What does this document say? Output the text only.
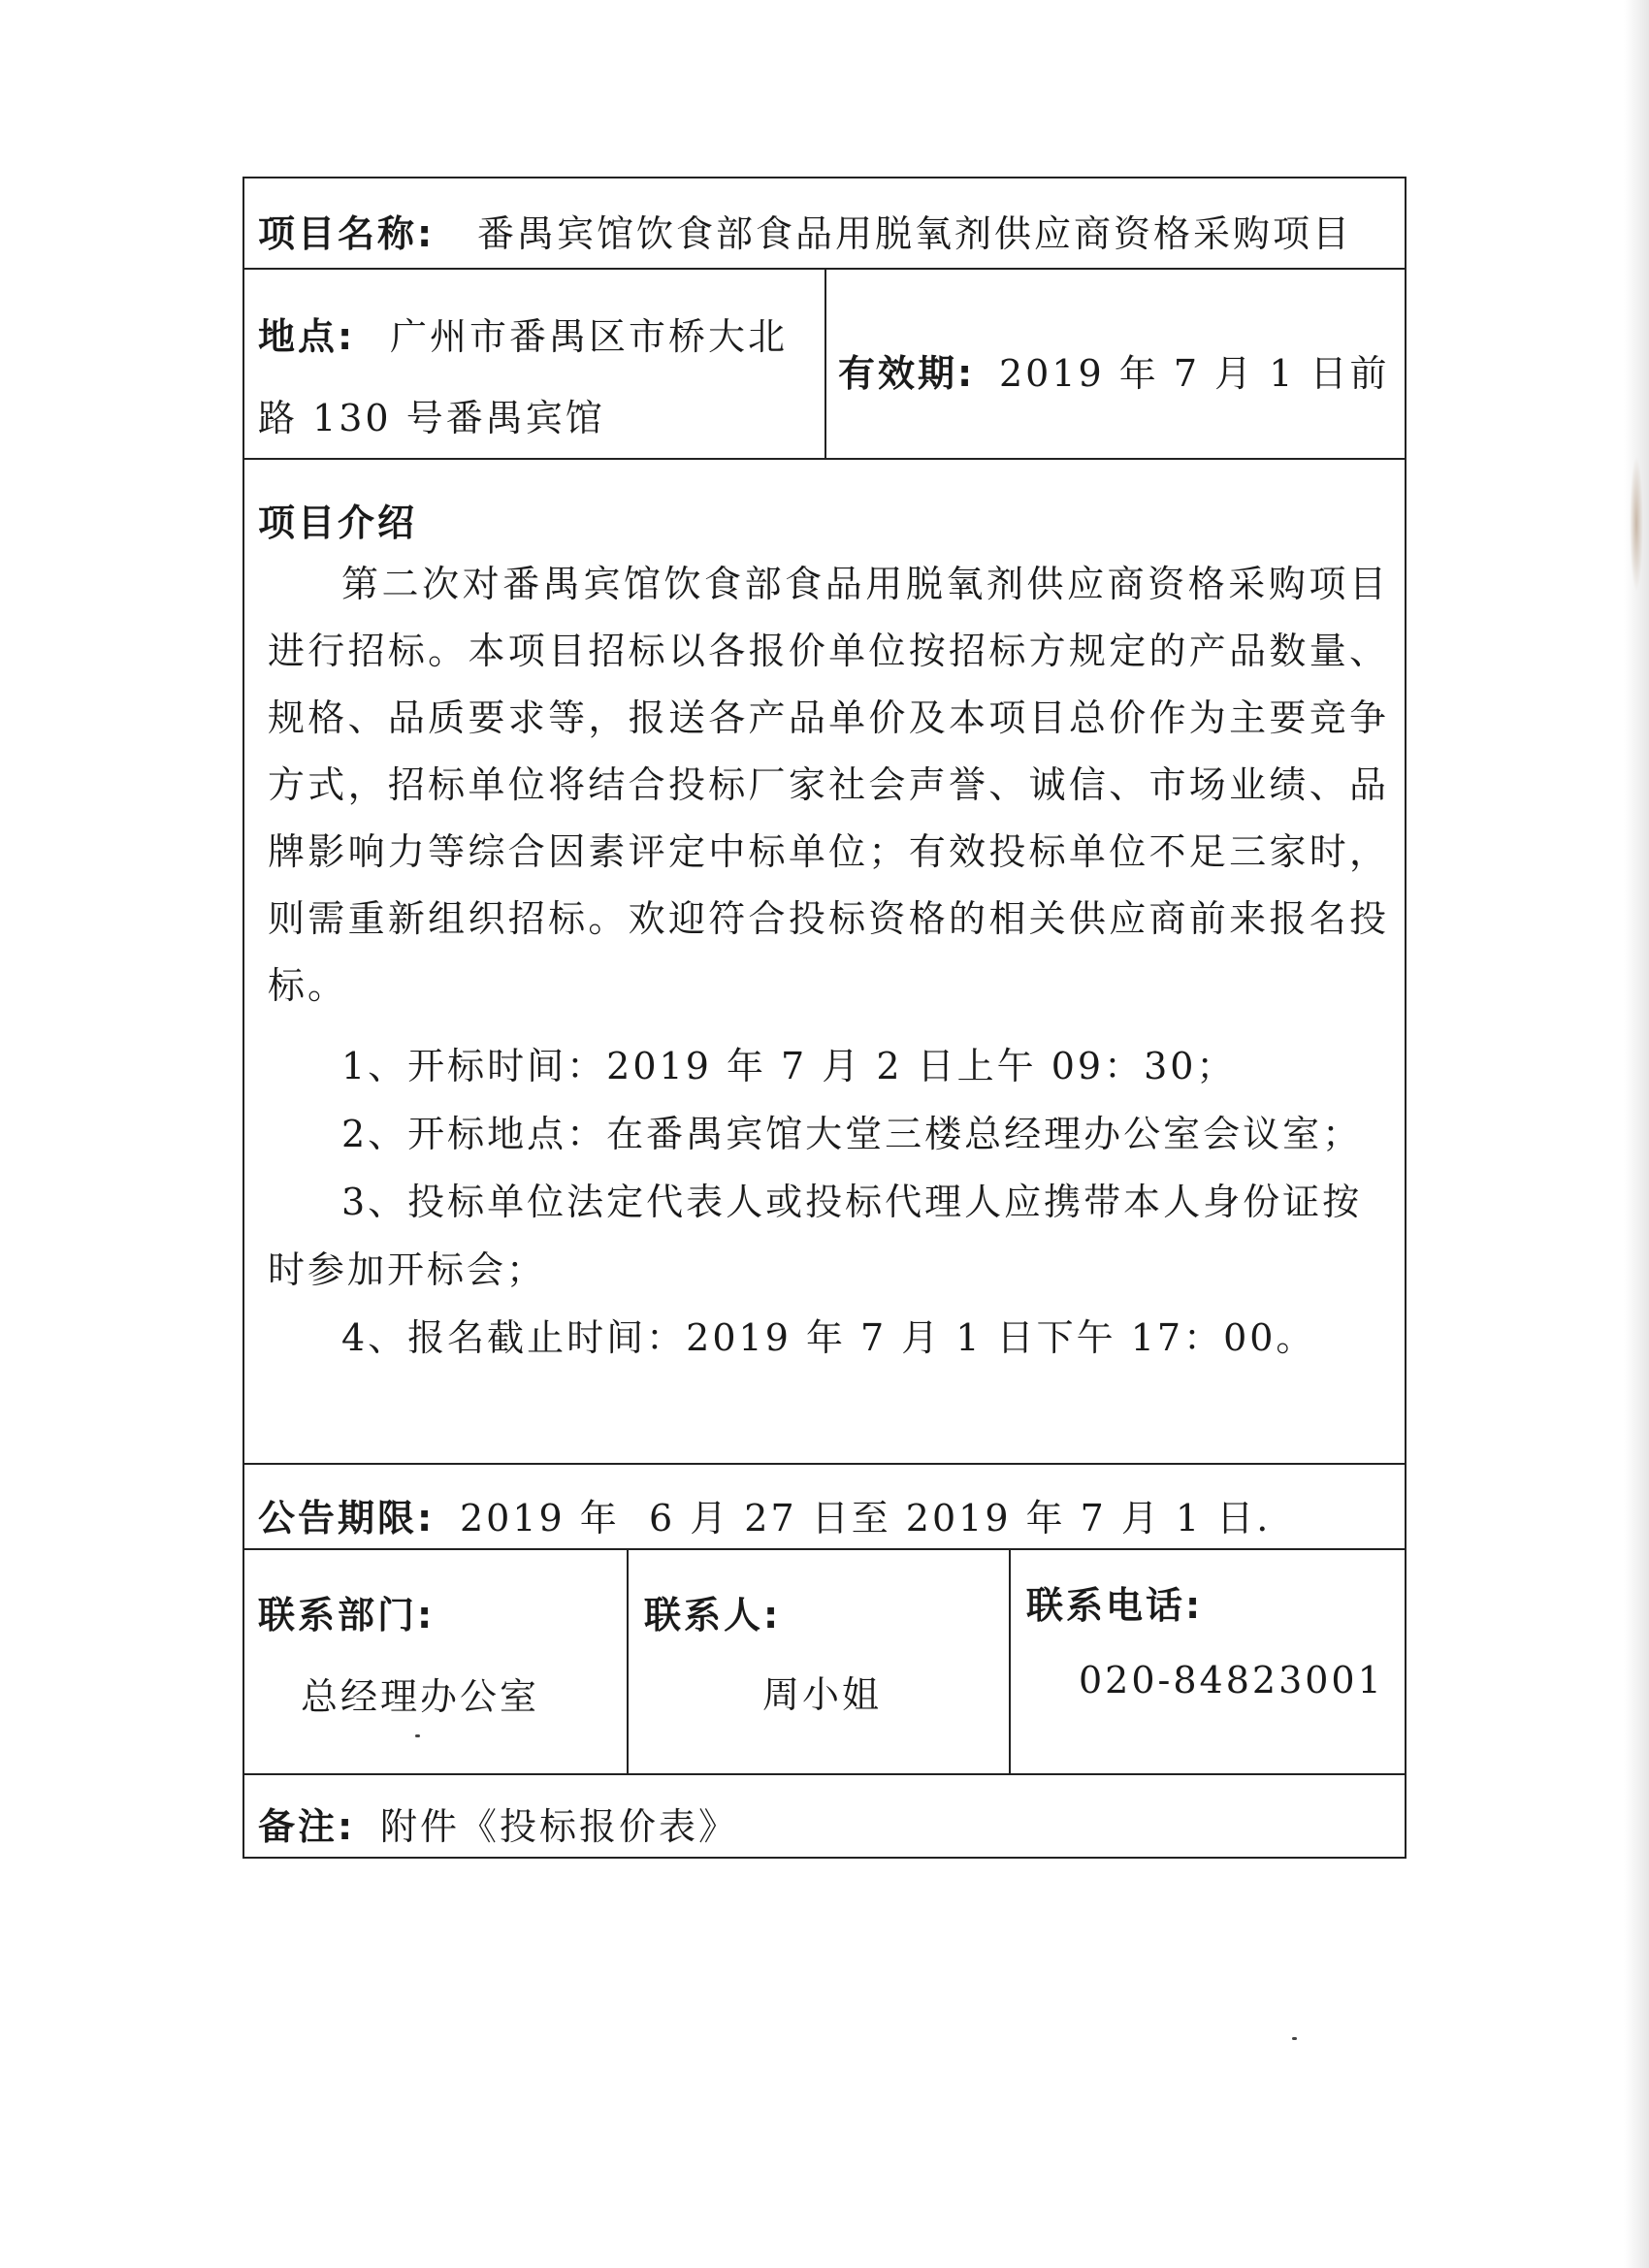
项目名称: 番禺宾馆饮食部食品用脱氧剂供应商资格采购项目
地点: 广州市番禺区市桥大北
路 130 号番禺宾馆
有效期: 2019 年 7 月 1 日前
项目介绍
第二次对番禺宾馆饮食部食品用脱氧剂供应商资格采购项目进行招标。本项目招标以各报价单位按招标方规定的产品数量、规格、品质要求等，报送各产品单价及本项目总价作为主要竞争方式，招标单位将结合投标厂家社会声誉、诚信、市场业绩、品牌影响力等综合因素评定中标单位；有效投标单位不足三家时，则需重新组织招标。欢迎符合投标资格的相关供应商前来报名投标。
1、开标时间：2019 年 7 月 2 日上午 09：30；
2、开标地点：在番禺宾馆大堂三楼总经理办公室会议室；
3、投标单位法定代表人或投标代理人应携带本人身份证按
时参加开标会；
4、报名截止时间：2019 年 7 月 1 日下午 17：00。
公告期限: 2019 年  6 月 27 日至 2019 年 7 月 1 日.
联系部门:
总经理办公室
联系人:
周小姐
联系电话:
020-84823001
备注: 附件《投标报价表》
